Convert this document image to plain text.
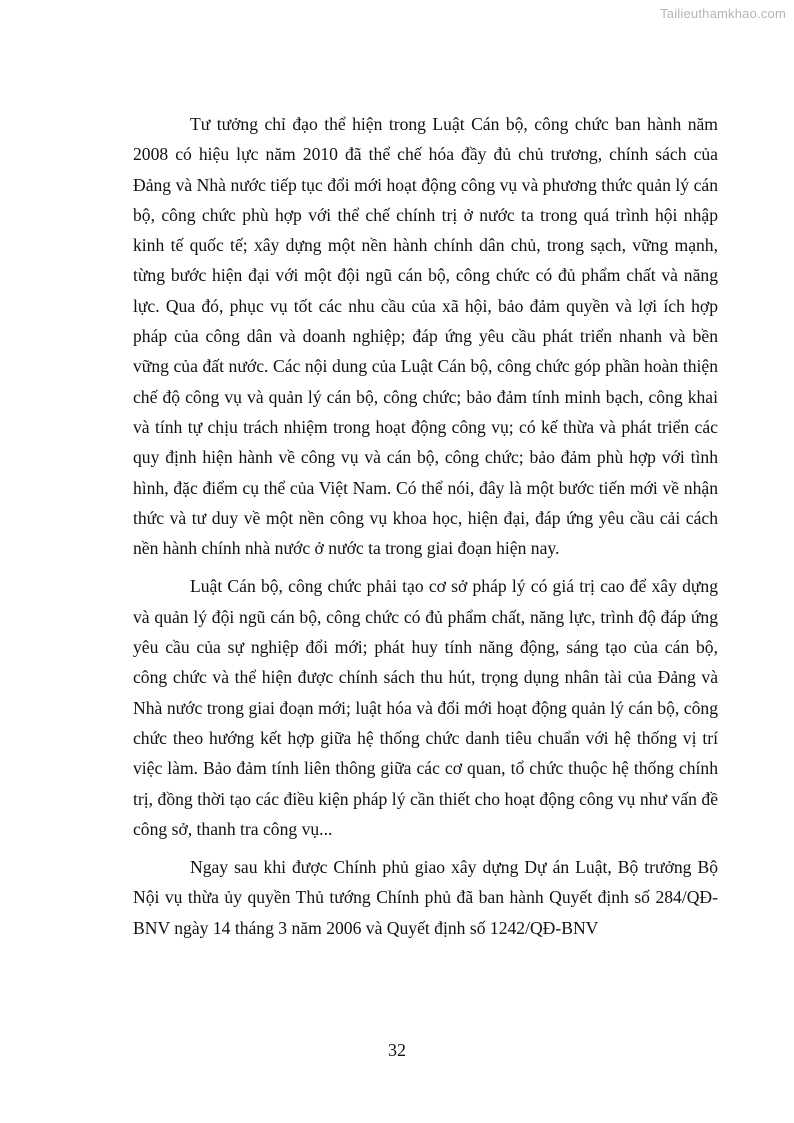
Tailieuthamkhao.com

Tư tưởng chỉ đạo thể hiện trong Luật Cán bộ, công chức ban hành năm 2008 có hiệu lực năm 2010 đã thể chế hóa đầy đủ chủ trương, chính sách của Đảng và Nhà nước tiếp tục đổi mới hoạt động công vụ và phương thức quản lý cán bộ, công chức phù hợp với thể chế chính trị ở nước ta trong quá trình hội nhập kinh tế quốc tế; xây dựng một nền hành chính dân chủ, trong sạch, vững mạnh, từng bước hiện đại với một đội ngũ cán bộ, công chức có đủ phẩm chất và năng lực. Qua đó, phục vụ tốt các nhu cầu của xã hội, bảo đảm quyền và lợi ích hợp pháp của công dân và doanh nghiệp; đáp ứng yêu cầu phát triển nhanh và bền vững của đất nước. Các nội dung của Luật Cán bộ, công chức góp phần hoàn thiện chế độ công vụ và quản lý cán bộ, công chức; bảo đảm tính minh bạch, công khai và tính tự chịu trách nhiệm trong hoạt động công vụ; có kế thừa và phát triển các quy định hiện hành về công vụ và cán bộ, công chức; bảo đảm phù hợp với tình hình, đặc điểm cụ thể của Việt Nam. Có thể nói, đây là một bước tiến mới về nhận thức và tư duy về một nền công vụ khoa học, hiện đại, đáp ứng yêu cầu cải cách nền hành chính nhà nước ở nước ta trong giai đoạn hiện nay.

Luật Cán bộ, công chức phải tạo cơ sở pháp lý có giá trị cao để xây dựng và quản lý đội ngũ cán bộ, công chức có đủ phẩm chất, năng lực, trình độ đáp ứng yêu cầu của sự nghiệp đổi mới; phát huy tính năng động, sáng tạo của cán bộ, công chức và thể hiện được chính sách thu hút, trọng dụng nhân tài của Đảng và Nhà nước trong giai đoạn mới; luật hóa và đổi mới hoạt động quản lý cán bộ, công chức theo hướng kết hợp giữa hệ thống chức danh tiêu chuẩn với hệ thống vị trí việc làm. Bảo đảm tính liên thông giữa các cơ quan, tổ chức thuộc hệ thống chính trị, đồng thời tạo các điều kiện pháp lý cần thiết cho hoạt động công vụ như vấn đề công sở, thanh tra công vụ...

Ngay sau khi được Chính phủ giao xây dựng Dự án Luật, Bộ trưởng Bộ Nội vụ thừa ủy quyền Thủ tướng Chính phủ đã ban hành Quyết định số 284/QĐ-BNV ngày 14 tháng 3 năm 2006 và Quyết định số 1242/QĐ-BNV

32
